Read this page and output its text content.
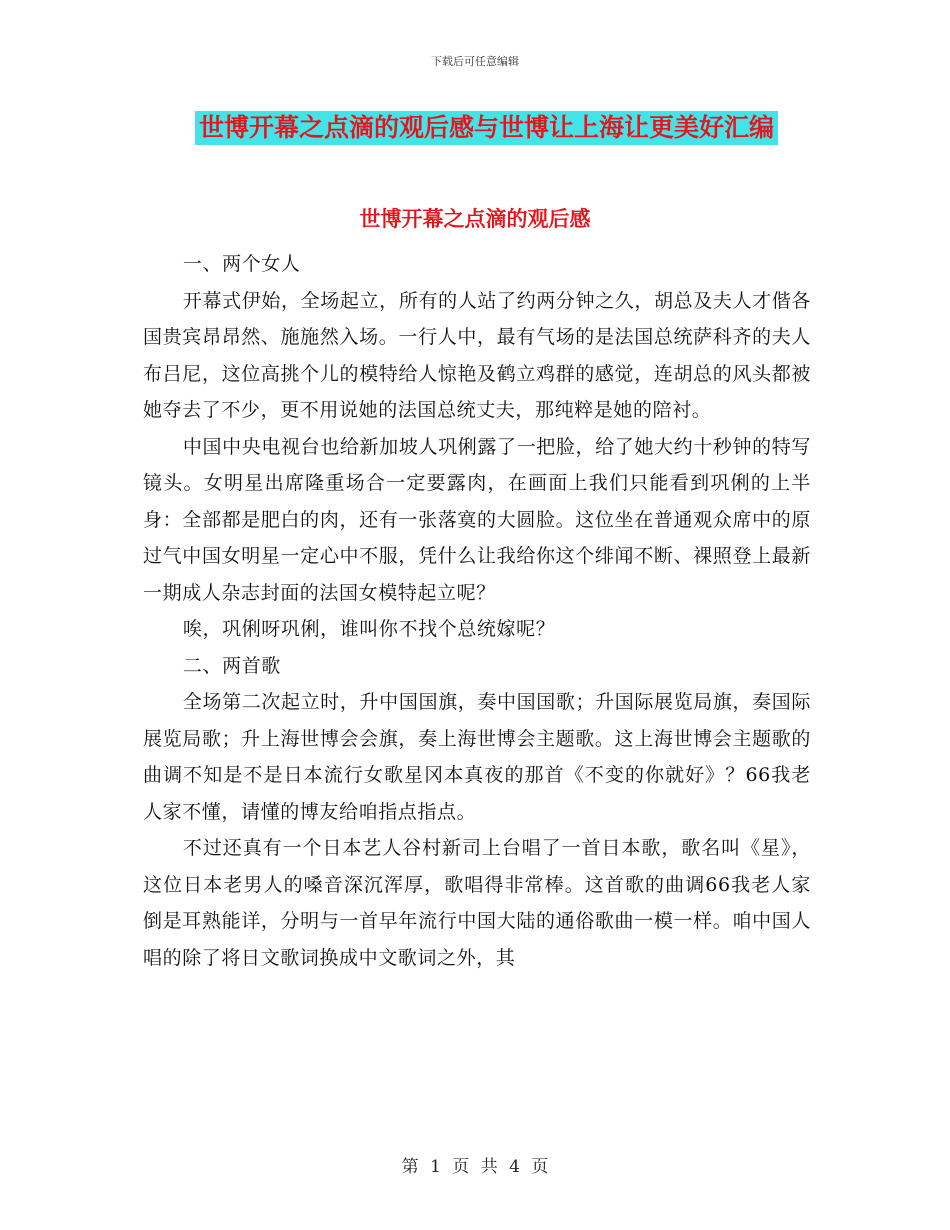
下载后可任意编辑
世博开幕之点滴的观后感与世博让上海让更美好汇编
世博开幕之点滴的观后感

一、两个女人

开幕式伊始，全场起立，所有的人站了约两分钟之久，胡总及夫人才偕各国贵宾昂昂然、施施然入场。一行人中，最有气场的是法国总统萨科齐的夫人布吕尼，这位高挑个儿的模特给人惊艳及鹤立鸡群的感觉，连胡总的风头都被她夺去了不少，更不用说她的法国总统丈夫，那纯粹是她的陪衬。

中国中央电视台也给新加坡人巩俐露了一把脸，给了她大约十秒钟的特写镜头。女明星出席隆重场合一定要露肉，在画面上我们只能看到巩俐的上半身：全部都是肥白的肉，还有一张落寞的大圆脸。这位坐在普通观众席中的原过气中国女明星一定心中不服，凭什么让我给你这个绯闻不断、裸照登上最新一期成人杂志封面的法国女模特起立呢？

唉，巩俐呀巩俐，谁叫你不找个总统嫁呢？

二、两首歌

全场第二次起立时，升中国国旗，奏中国国歌；升国际展览局旗，奏国际展览局歌；升上海世博会会旗，奏上海世博会主题歌。这上海世博会主题歌的曲调不知是不是日本流行女歌星冈本真夜的那首《不变的你就好》？66我老人家不懂，请懂的博友给咱指点指点。

不过还真有一个日本艺人谷村新司上台唱了一首日本歌，歌名叫《星》，这位日本老男人的嗓音深沉浑厚，歌唱得非常棒。这首歌的曲调66我老人家倒是耳熟能详，分明与一首早年流行中国大陆的通俗歌曲一模一样。咱中国人唱的除了将日文歌词换成中文歌词之外，其

第 1 页 共 4 页
